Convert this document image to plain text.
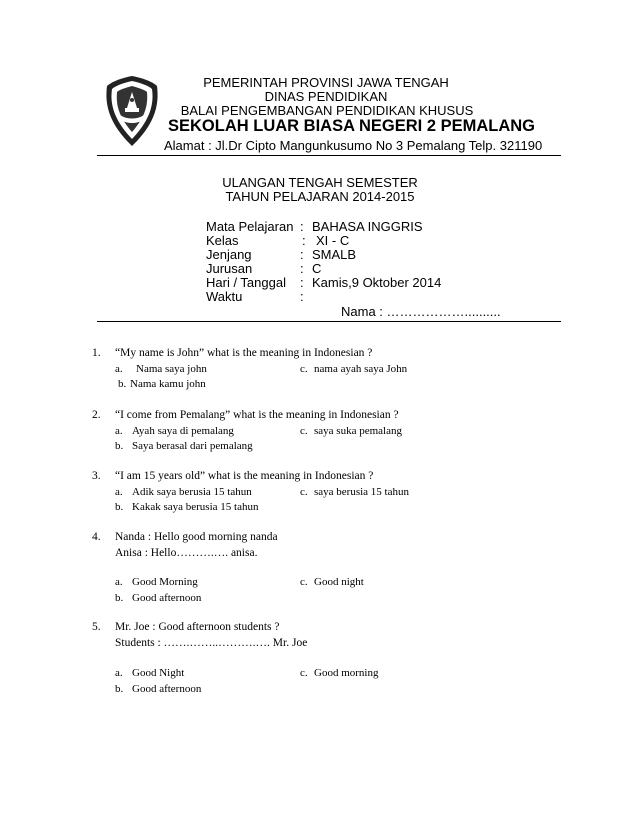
PEMERINTAH PROVINSI JAWA TENGAH
DINAS PENDIDIKAN
BALAI PENGEMBANGAN PENDIDIKAN KHUSUS
SEKOLAH LUAR BIASA NEGERI 2 PEMALANG
Alamat : Jl.Dr Cipto Mangunkusumo No 3 Pemalang Telp. 321190
ULANGAN TENGAH SEMESTER
TAHUN PELAJARAN 2014-2015
Mata Pelajaran : BAHASA INGGRIS
Kelas	: XI - C
Jenjang	: SMALB
Jurusan	: C
Hari / Tanggal : Kamis,9 Oktober 2014
Waktu	:
Nama : ………………..........
1. “My name is John” what is the meaning in Indonesian ?
a. Nama saya john	c. nama ayah saya John
b. Nama kamu john
2. “I come from Pemalang” what is the meaning in Indonesian ?
a. Ayah saya di pemalang	c. saya suka pemalang
b. Saya berasal dari pemalang
3. “I am 15 years old” what is the meaning in Indonesian ?
a. Adik saya berusia 15 tahun	c. saya berusia 15 tahun
b. Kakak saya berusia 15 tahun
4. Nanda : Hello good morning nanda
Anisa : Hello……….…. anisa.
a. Good Morning	c. Good night
b. Good afternoon
5. Mr. Joe : Good afternoon students ?
Students : …….……..……….…. Mr. Joe
a. Good Night	c. Good morning
b. Good afternoon
